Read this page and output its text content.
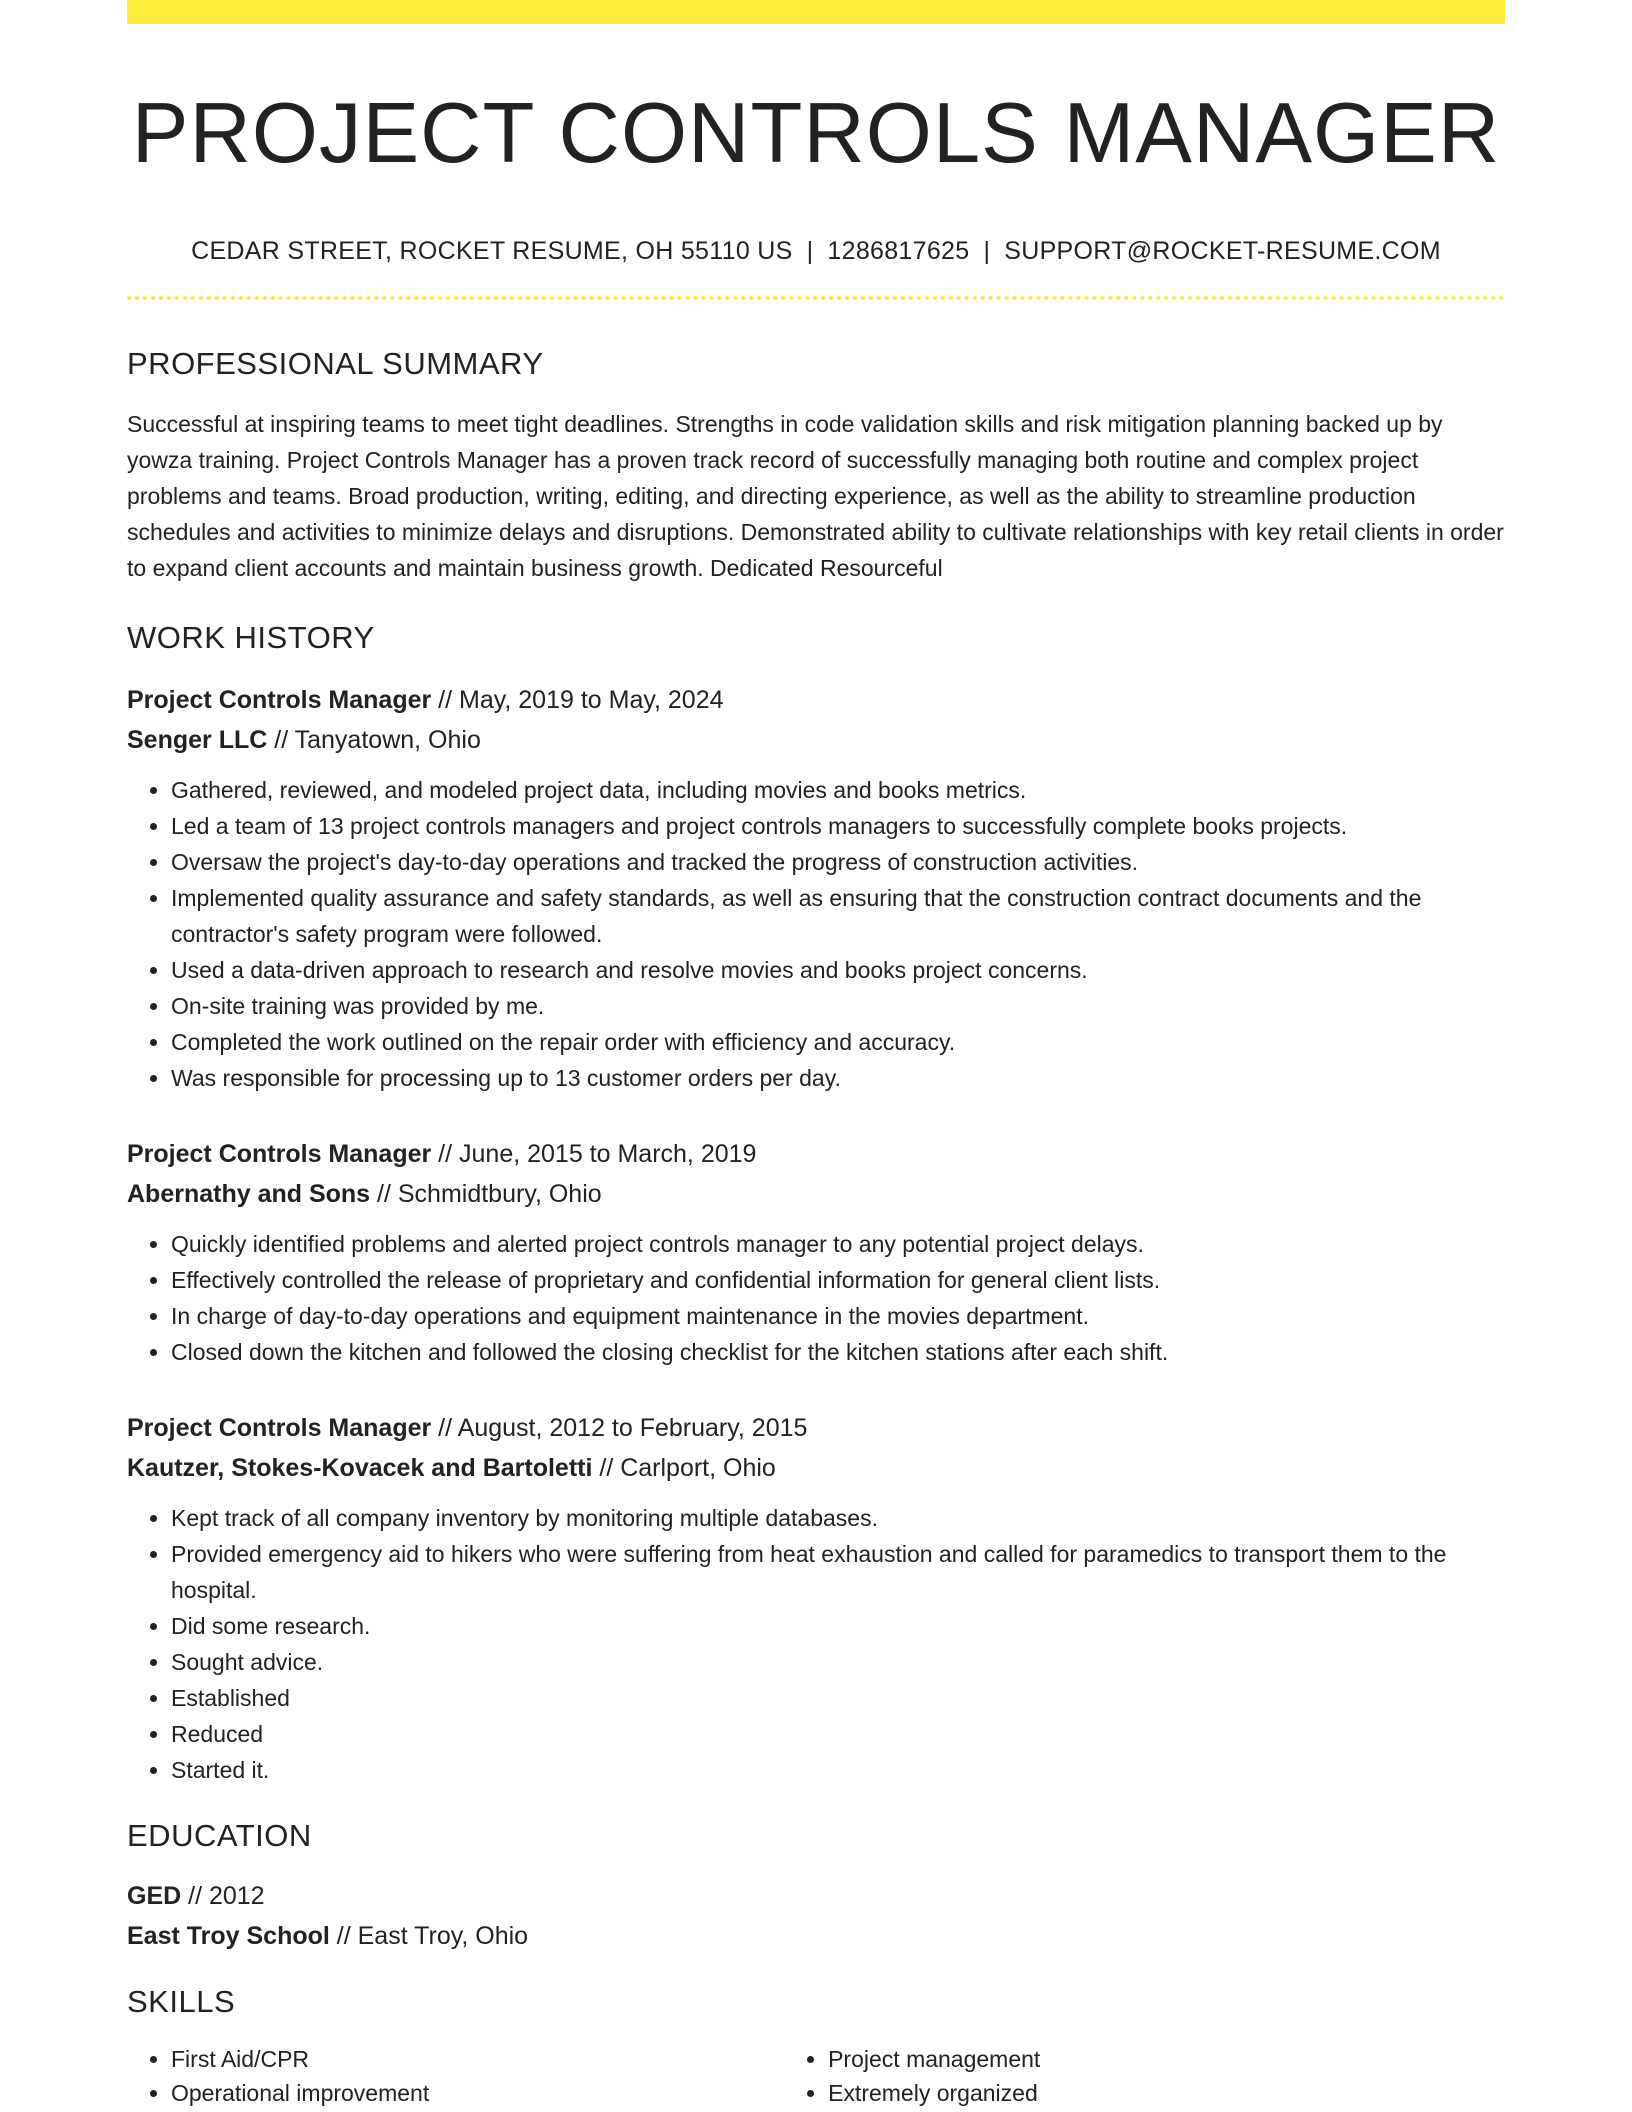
PROJECT CONTROLS MANAGER
CEDAR STREET, ROCKET RESUME, OH 55110 US | 1286817625 | SUPPORT@ROCKET-RESUME.COM
PROFESSIONAL SUMMARY
Successful at inspiring teams to meet tight deadlines. Strengths in code validation skills and risk mitigation planning backed up by yowza training. Project Controls Manager has a proven track record of successfully managing both routine and complex project problems and teams. Broad production, writing, editing, and directing experience, as well as the ability to streamline production schedules and activities to minimize delays and disruptions. Demonstrated ability to cultivate relationships with key retail clients in order to expand client accounts and maintain business growth. Dedicated Resourceful
WORK HISTORY
Project Controls Manager // May, 2019 to May, 2024
Senger LLC // Tanyatown, Ohio
• Gathered, reviewed, and modeled project data, including movies and books metrics.
• Led a team of 13 project controls managers and project controls managers to successfully complete books projects.
• Oversaw the project's day-to-day operations and tracked the progress of construction activities.
• Implemented quality assurance and safety standards, as well as ensuring that the construction contract documents and the contractor's safety program were followed.
• Used a data-driven approach to research and resolve movies and books project concerns.
• On-site training was provided by me.
• Completed the work outlined on the repair order with efficiency and accuracy.
• Was responsible for processing up to 13 customer orders per day.
Project Controls Manager // June, 2015 to March, 2019
Abernathy and Sons // Schmidtbury, Ohio
• Quickly identified problems and alerted project controls manager to any potential project delays.
• Effectively controlled the release of proprietary and confidential information for general client lists.
• In charge of day-to-day operations and equipment maintenance in the movies department.
• Closed down the kitchen and followed the closing checklist for the kitchen stations after each shift.
Project Controls Manager // August, 2012 to February, 2015
Kautzer, Stokes-Kovacek and Bartoletti // Carlport, Ohio
• Kept track of all company inventory by monitoring multiple databases.
• Provided emergency aid to hikers who were suffering from heat exhaustion and called for paramedics to transport them to the hospital.
• Did some research.
• Sought advice.
• Established
• Reduced
• Started it.
EDUCATION
GED // 2012
East Troy School // East Troy, Ohio
SKILLS
• First Aid/CPR
• Operational improvement
• Project management
• Extremely organized
